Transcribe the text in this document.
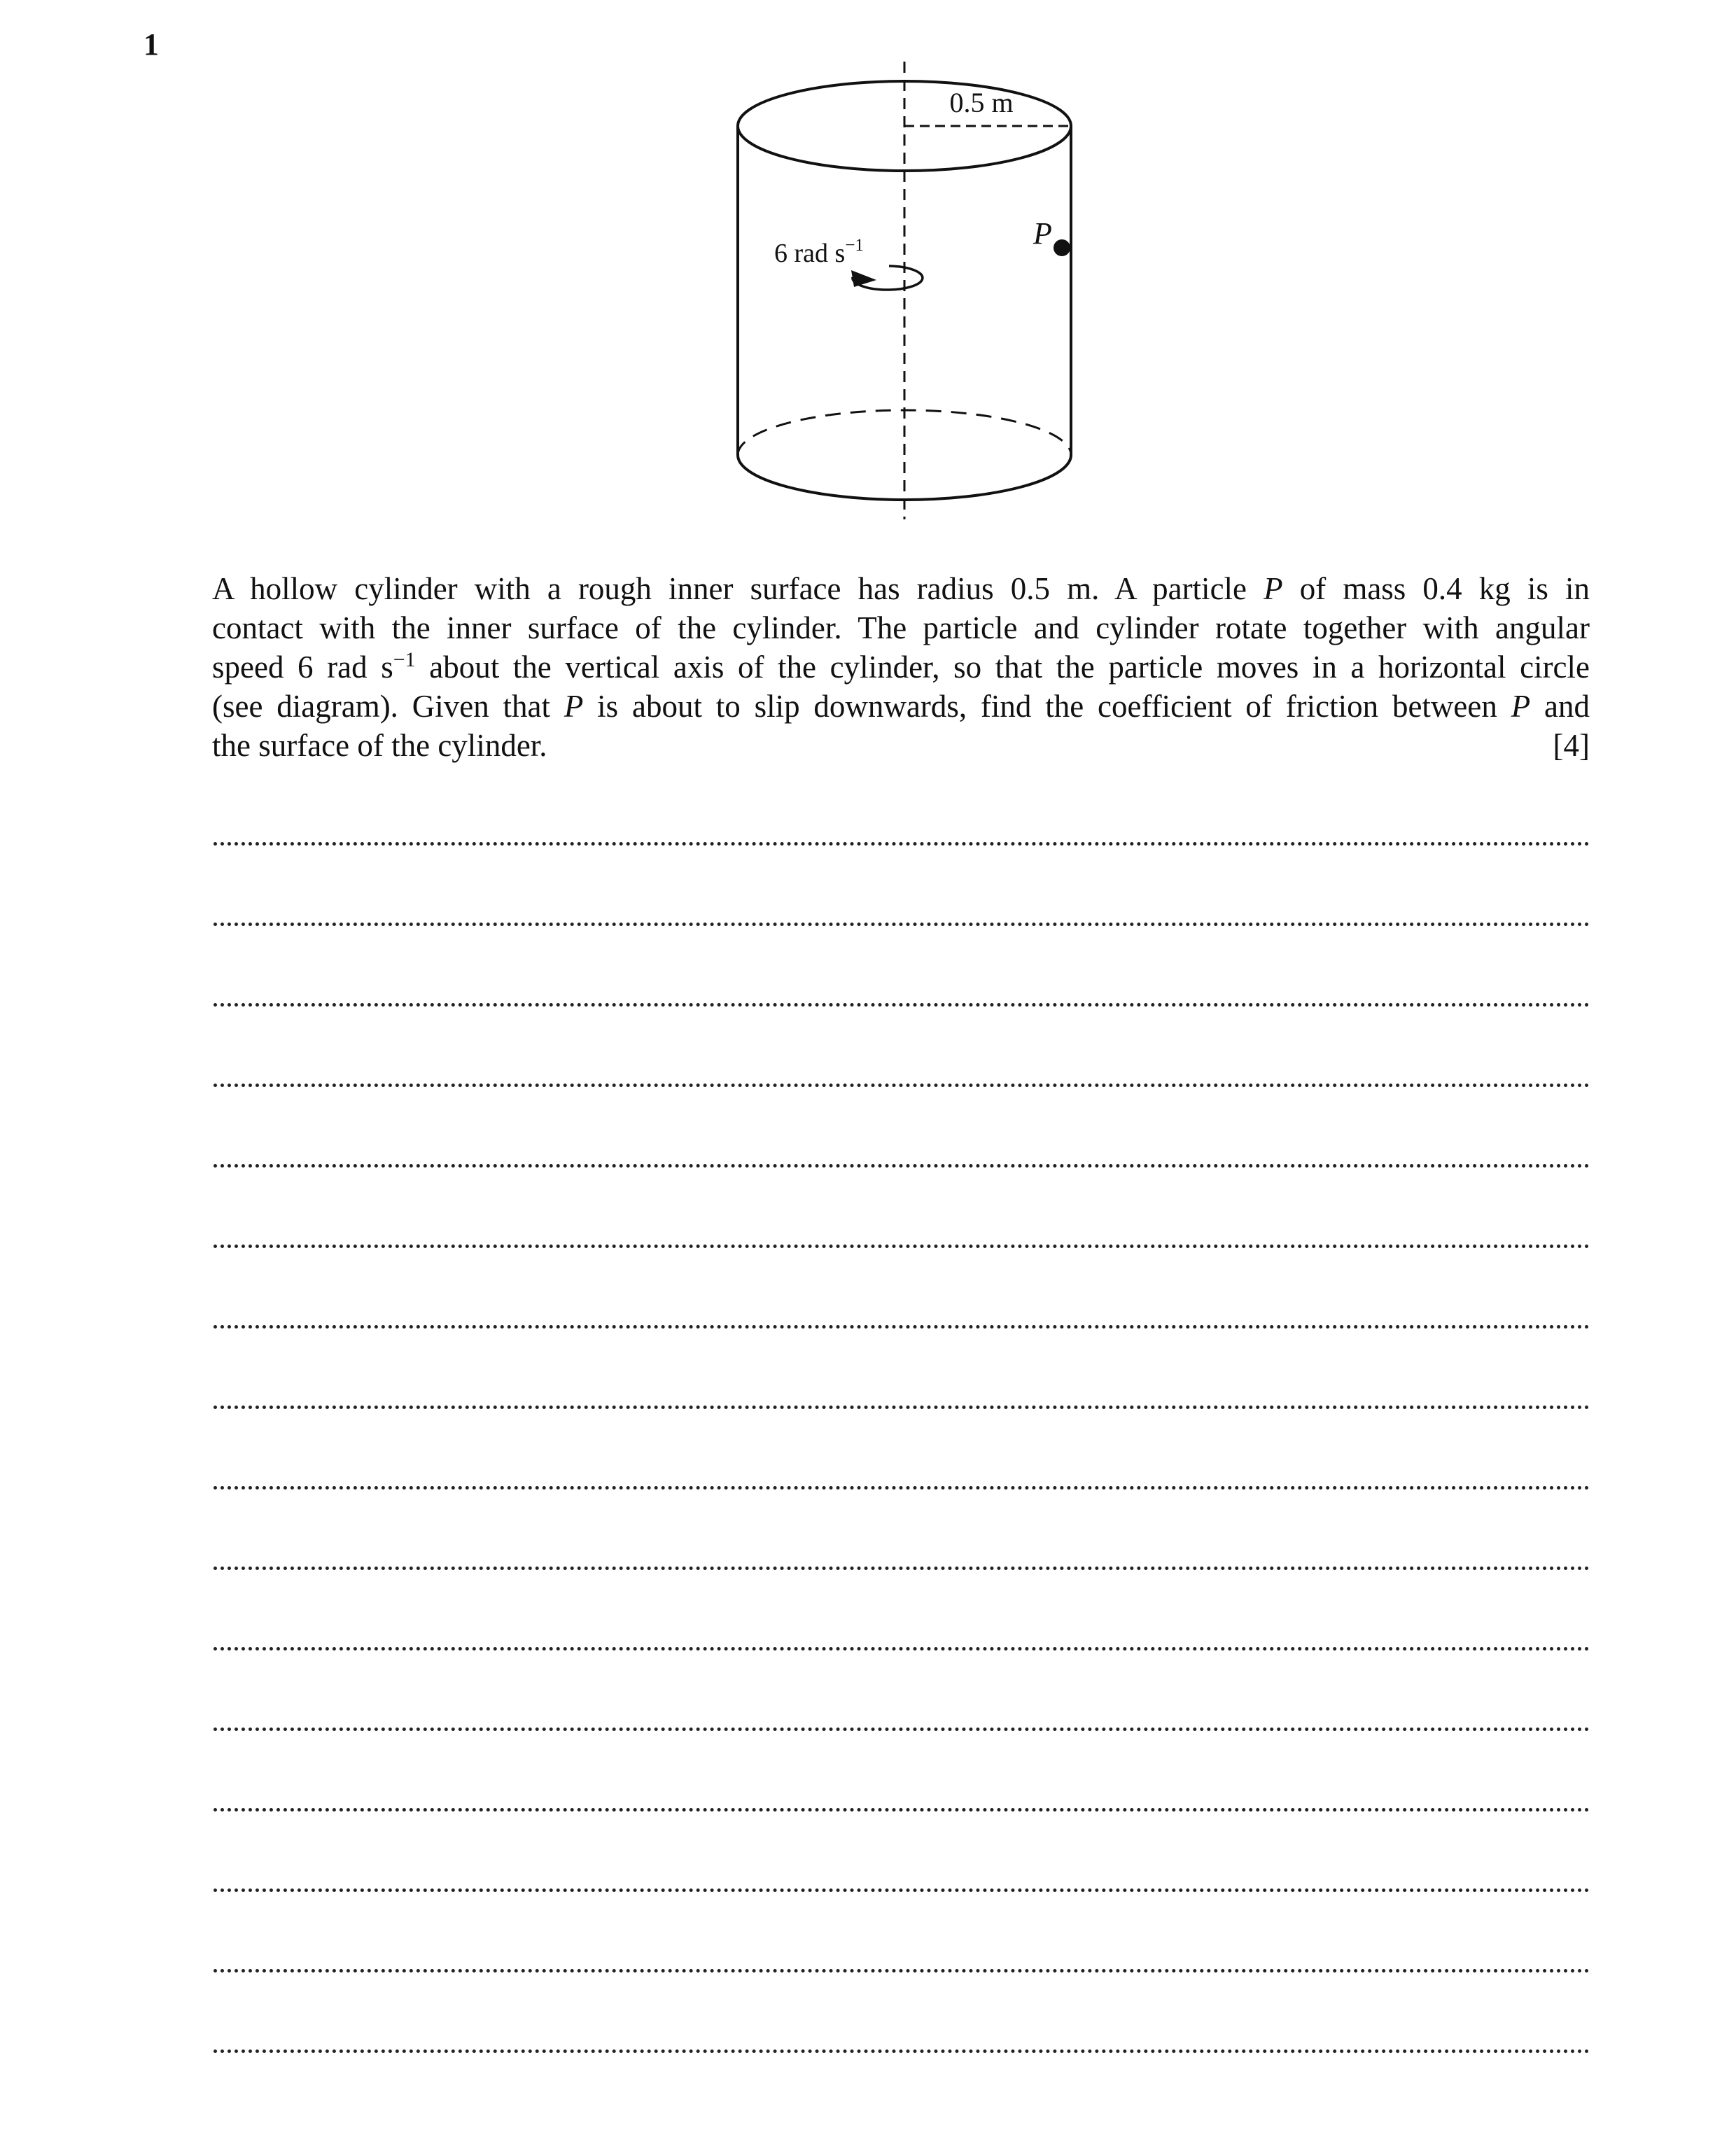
1
0.5 m
P
6 rad $s^{-1}$
A hollow cylinder with a rough inner surface has radius 0.5 m. A particle P of mass 0.4 kg is in
contact with the inner surface of the cylinder. The particle and cylinder rotate together with angular
speed 6 rad $s^{-1}$ about the vertical axis of the cylinder, so that the particle moves in a horizontal circle
(see diagram). Given that P is about to slip downwards, find the coefficient of friction between P and
the surface of the cylinder.	[4]
